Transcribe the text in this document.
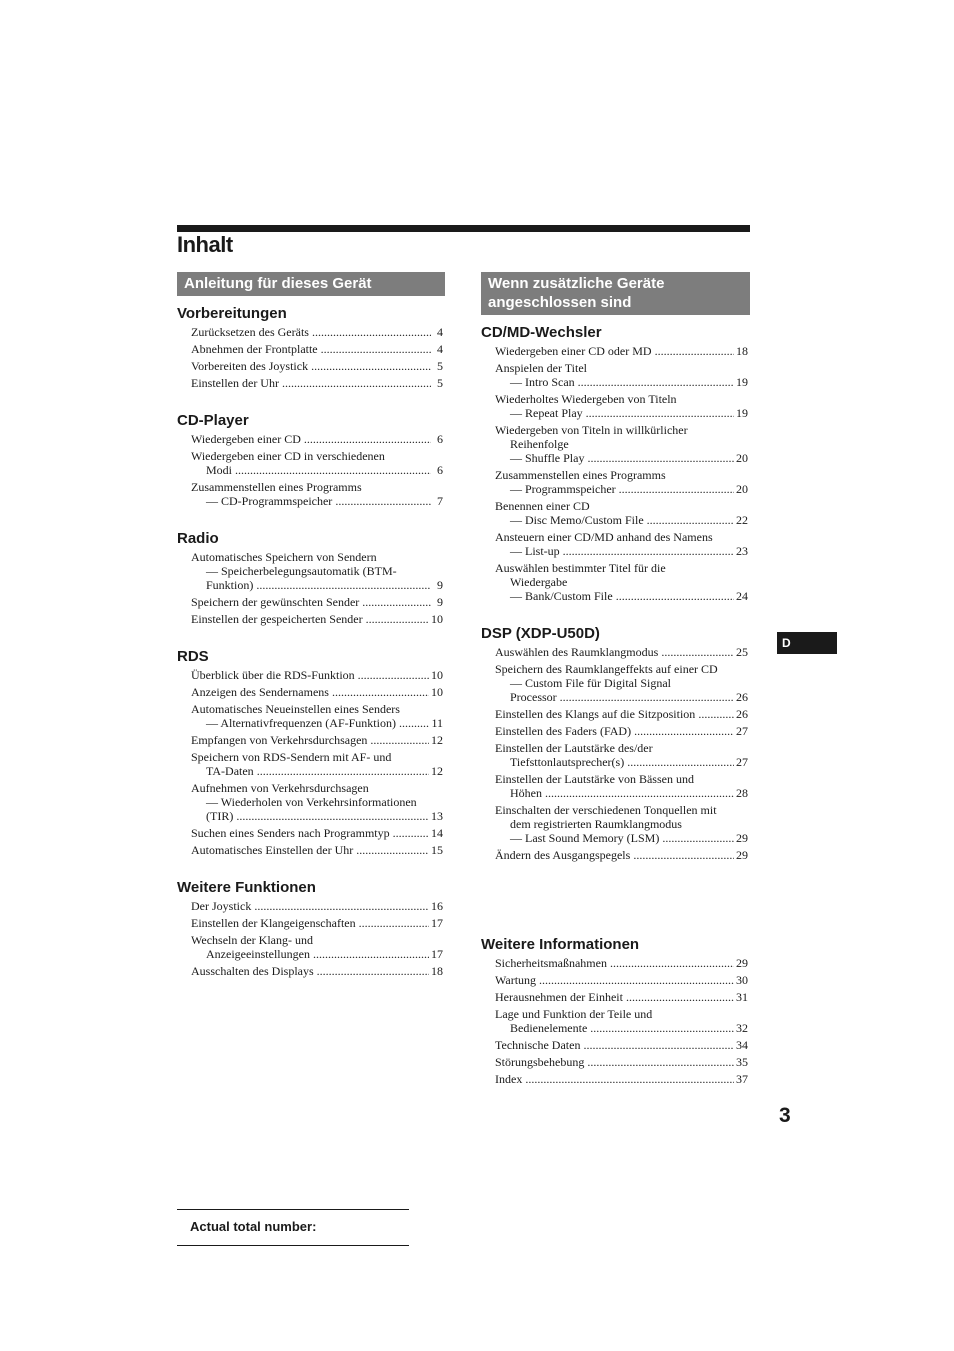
Inhalt
Anleitung für dieses Gerät
Vorbereitungen
Zurücksetzen des Geräts .....	4
Abnehmen der Frontplatte .....	4
Vorbereiten des Joystick .....	5
Einstellen der Uhr .....	5
CD-Player
Wiedergeben einer CD .....	6
Wiedergeben einer CD in verschiedenen
Modi .....	6
Zusammenstellen eines Programms
— CD-Programmspeicher .....	7
Radio
Automatisches Speichern von Sendern
— Speicherbelegungsautomatik (BTM-
Funktion) .....	9
Speichern der gewünschten Sender .....	9
Einstellen der gespeicherten Sender .....	10
RDS
Überblick über die RDS-Funktion .....	10
Anzeigen des Sendernamens .....	10
Automatisches Neueinstellen eines Senders
— Alternativfrequenzen (AF-Funktion) .....	11
Empfangen von Verkehrsdurchsagen .....	12
Speichern von RDS-Sendern mit AF- und
TA-Daten .....	12
Aufnehmen von Verkehrsdurchsagen
— Wiederholen von Verkehrsinformationen
(TIR) .....	13
Suchen eines Senders nach Programmtyp .....	14
Automatisches Einstellen der Uhr .....	15
Weitere Funktionen
Der Joystick .....	16
Einstellen der Klangeigenschaften .....	17
Wechseln der Klang- und
Anzeigeeinstellungen .....	17
Ausschalten des Displays .....	18
Wenn zusätzliche Geräte
angeschlossen sind
CD/MD-Wechsler
Wiedergeben einer CD oder MD .....	18
Anspielen der Titel
— Intro Scan .....	19
Wiederholtes Wiedergeben von Titeln
— Repeat Play .....	19
Wiedergeben von Titeln in willkürlicher
Reihenfolge
— Shuffle Play .....	20
Zusammenstellen eines Programms
— Programmspeicher .....	20
Benennen einer CD
— Disc Memo/Custom File .....	22
Ansteuern einer CD/MD anhand des Namens
— List-up .....	23
Auswählen bestimmter Titel für die
Wiedergabe
— Bank/Custom File .....	24
DSP (XDP-U50D)
Auswählen des Raumklangmodus .....	25
Speichern des Raumklangeffekts auf einer CD
— Custom File für Digital Signal
Processor .....	26
Einstellen des Klangs auf die Sitzposition .....	26
Einstellen des Faders (FAD) .....	27
Einstellen der Lautstärke des/der
Tiefsttonlautsprecher(s) .....	27
Einstellen der Lautstärke von Bässen und
Höhen .....	28
Einschalten der verschiedenen Tonquellen mit
dem registrierten Raumklangmodus
— Last Sound Memory (LSM) .....	29
Ändern des Ausgangspegels .....	29
Weitere Informationen
Sicherheitsmaßnahmen .....	29
Wartung .....	30
Herausnehmen der Einheit .....	31
Lage und Funktion der Teile und
Bedienelemente .....	32
Technische Daten .....	34
Störungsbehebung .....	35
Index .....	37
D
3
Actual total number:
